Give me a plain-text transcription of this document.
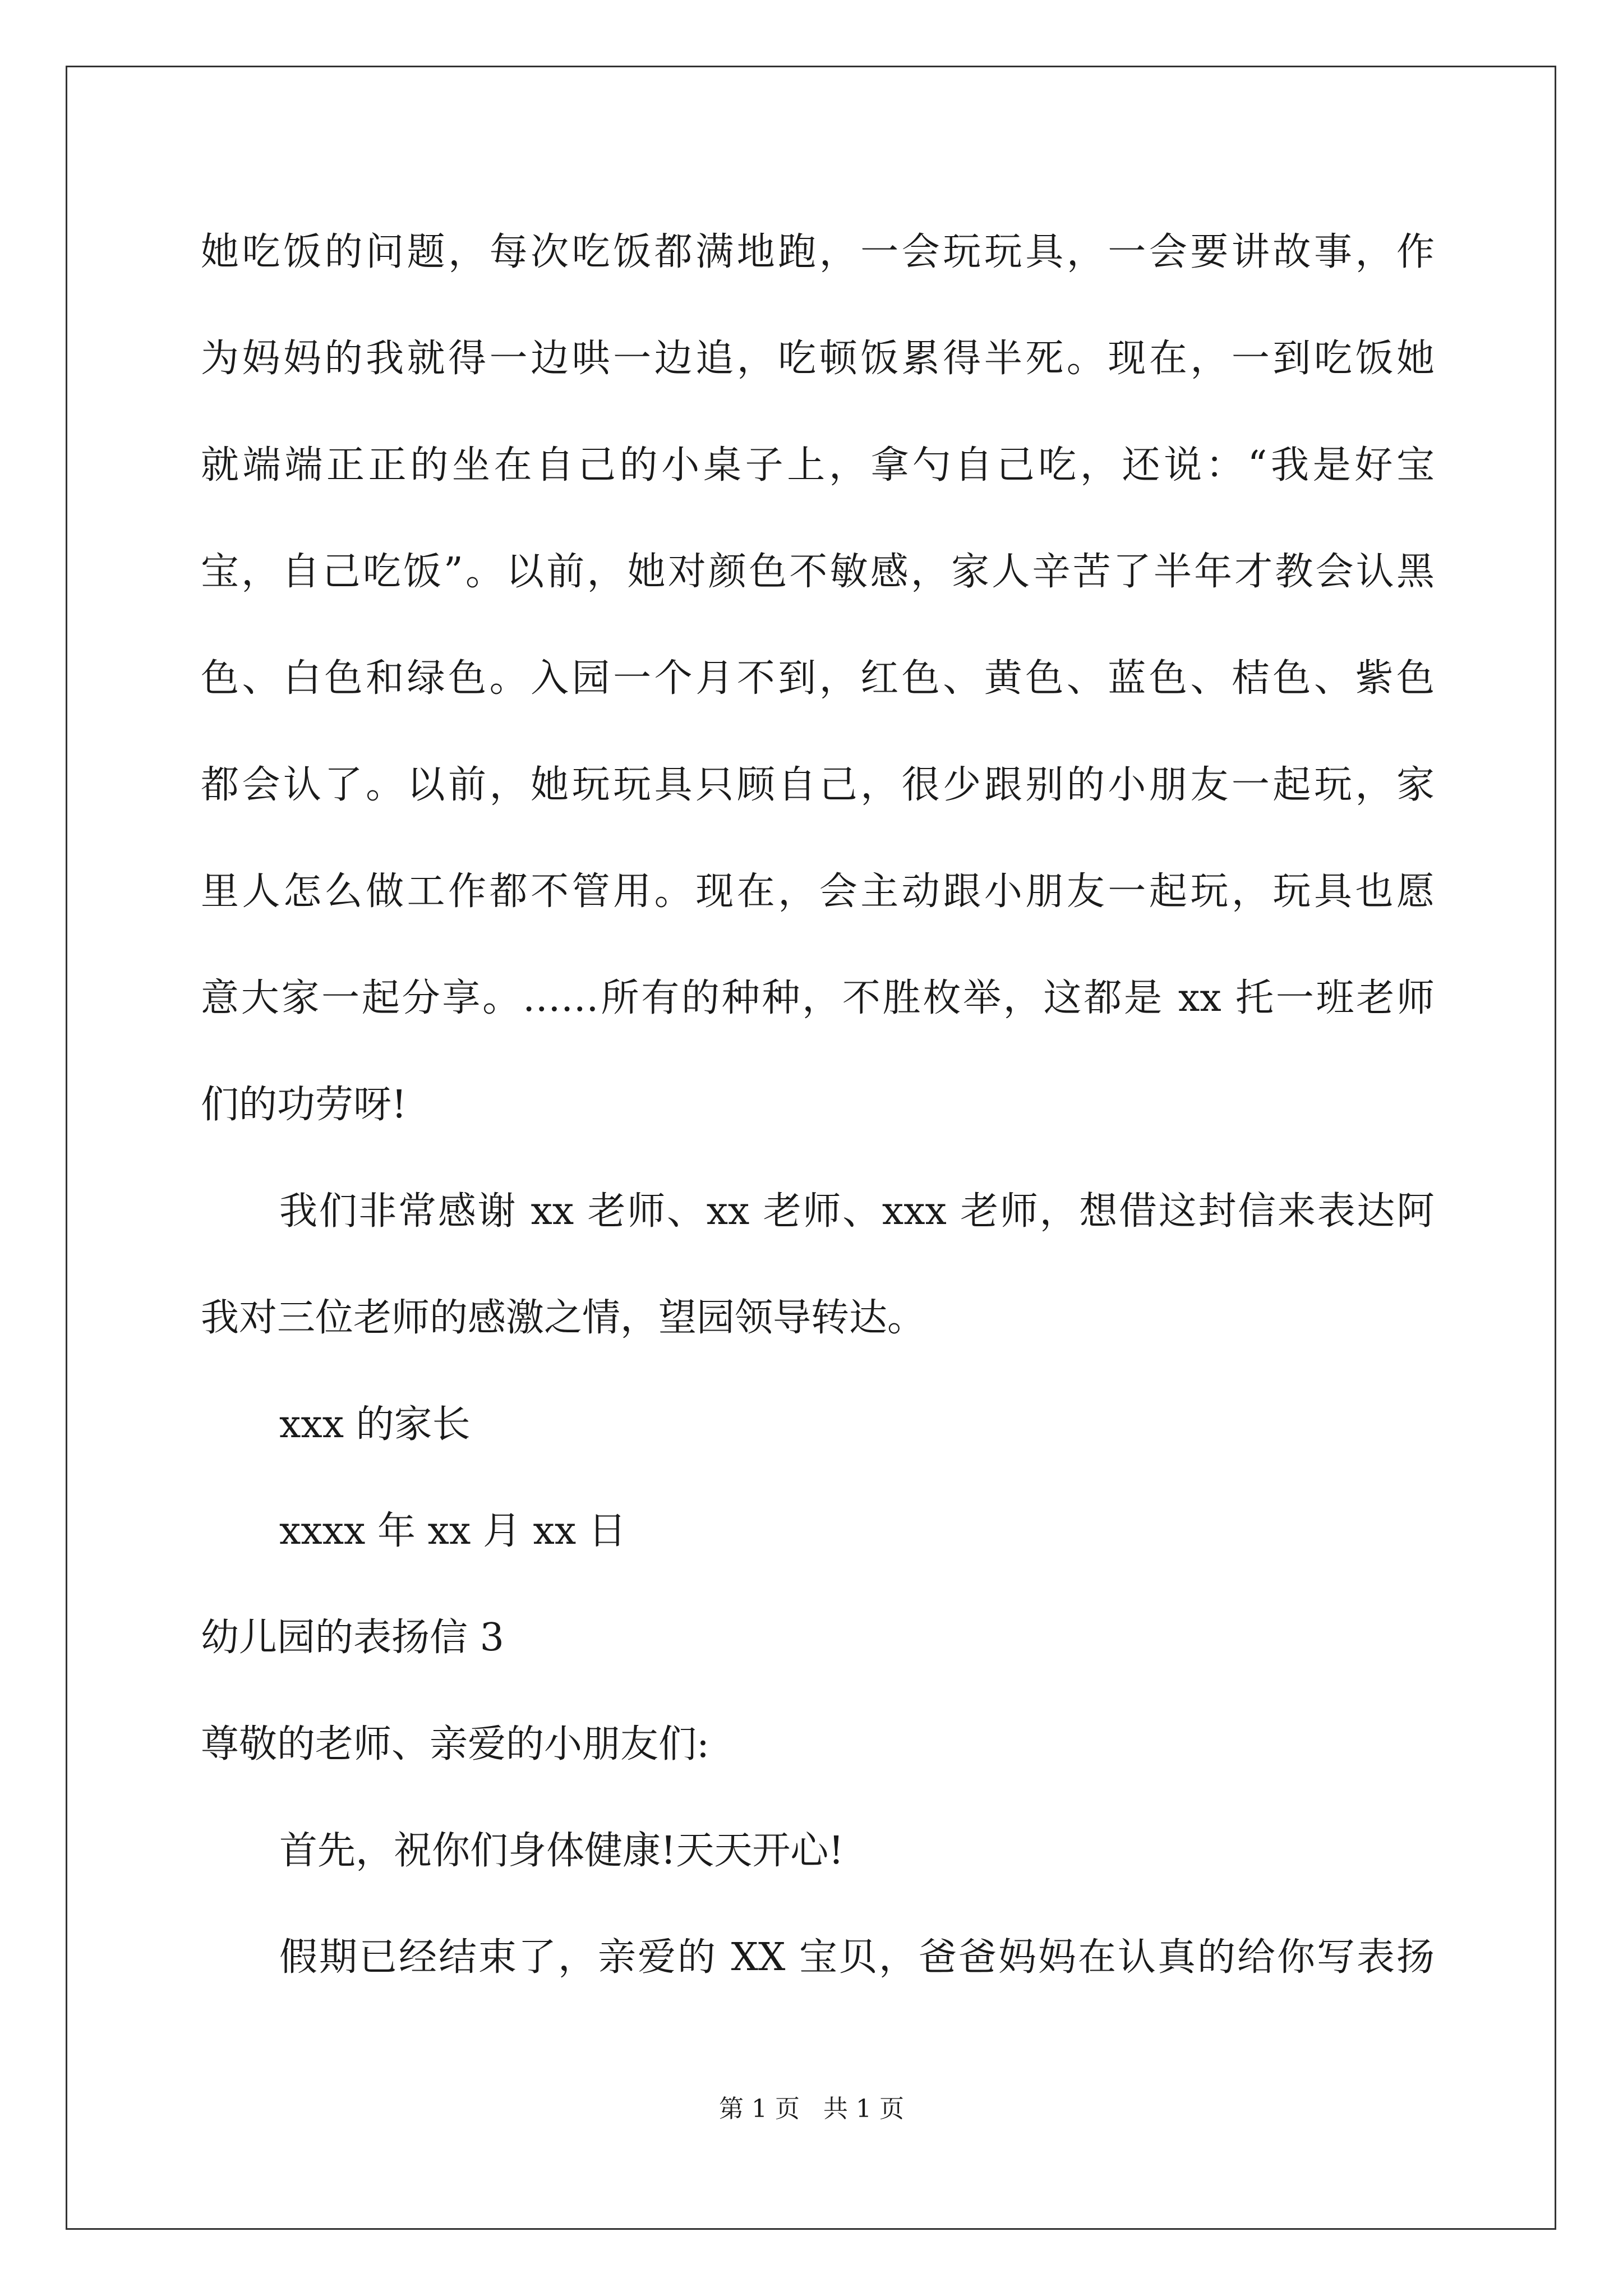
她吃饭的问题，每次吃饭都满地跑，一会玩玩具，一会要讲故事，作
为妈妈的我就得一边哄一边追，吃顿饭累得半死。现在，一到吃饭她
就端端正正的坐在自己的小桌子上，拿勺自己吃，还说：“我是好宝
宝，自己吃饭”。以前，她对颜色不敏感，家人辛苦了半年才教会认黑
色、白色和绿色。入园一个月不到，红色、黄色、蓝色、桔色、紫色
都会认了。以前，她玩玩具只顾自己，很少跟别的小朋友一起玩，家
里人怎么做工作都不管用。现在，会主动跟小朋友一起玩，玩具也愿
意大家一起分享。……所有的种种，不胜枚举，这都是 xx 托一班老师
们的功劳呀!
我们非常感谢 xx 老师、xx 老师、xxx 老师，想借这封信来表达阿
我对三位老师的感激之情，望园领导转达。
xxx 的家长
xxxx 年 xx 月 xx 日
幼儿园的表扬信 3
尊敬的老师、亲爱的小朋友们:
首先，祝你们身体健康!天天开心!
假期已经结束了，亲爱的 XX 宝贝，爸爸妈妈在认真的给你写表扬
第 1 页   共 1 页
